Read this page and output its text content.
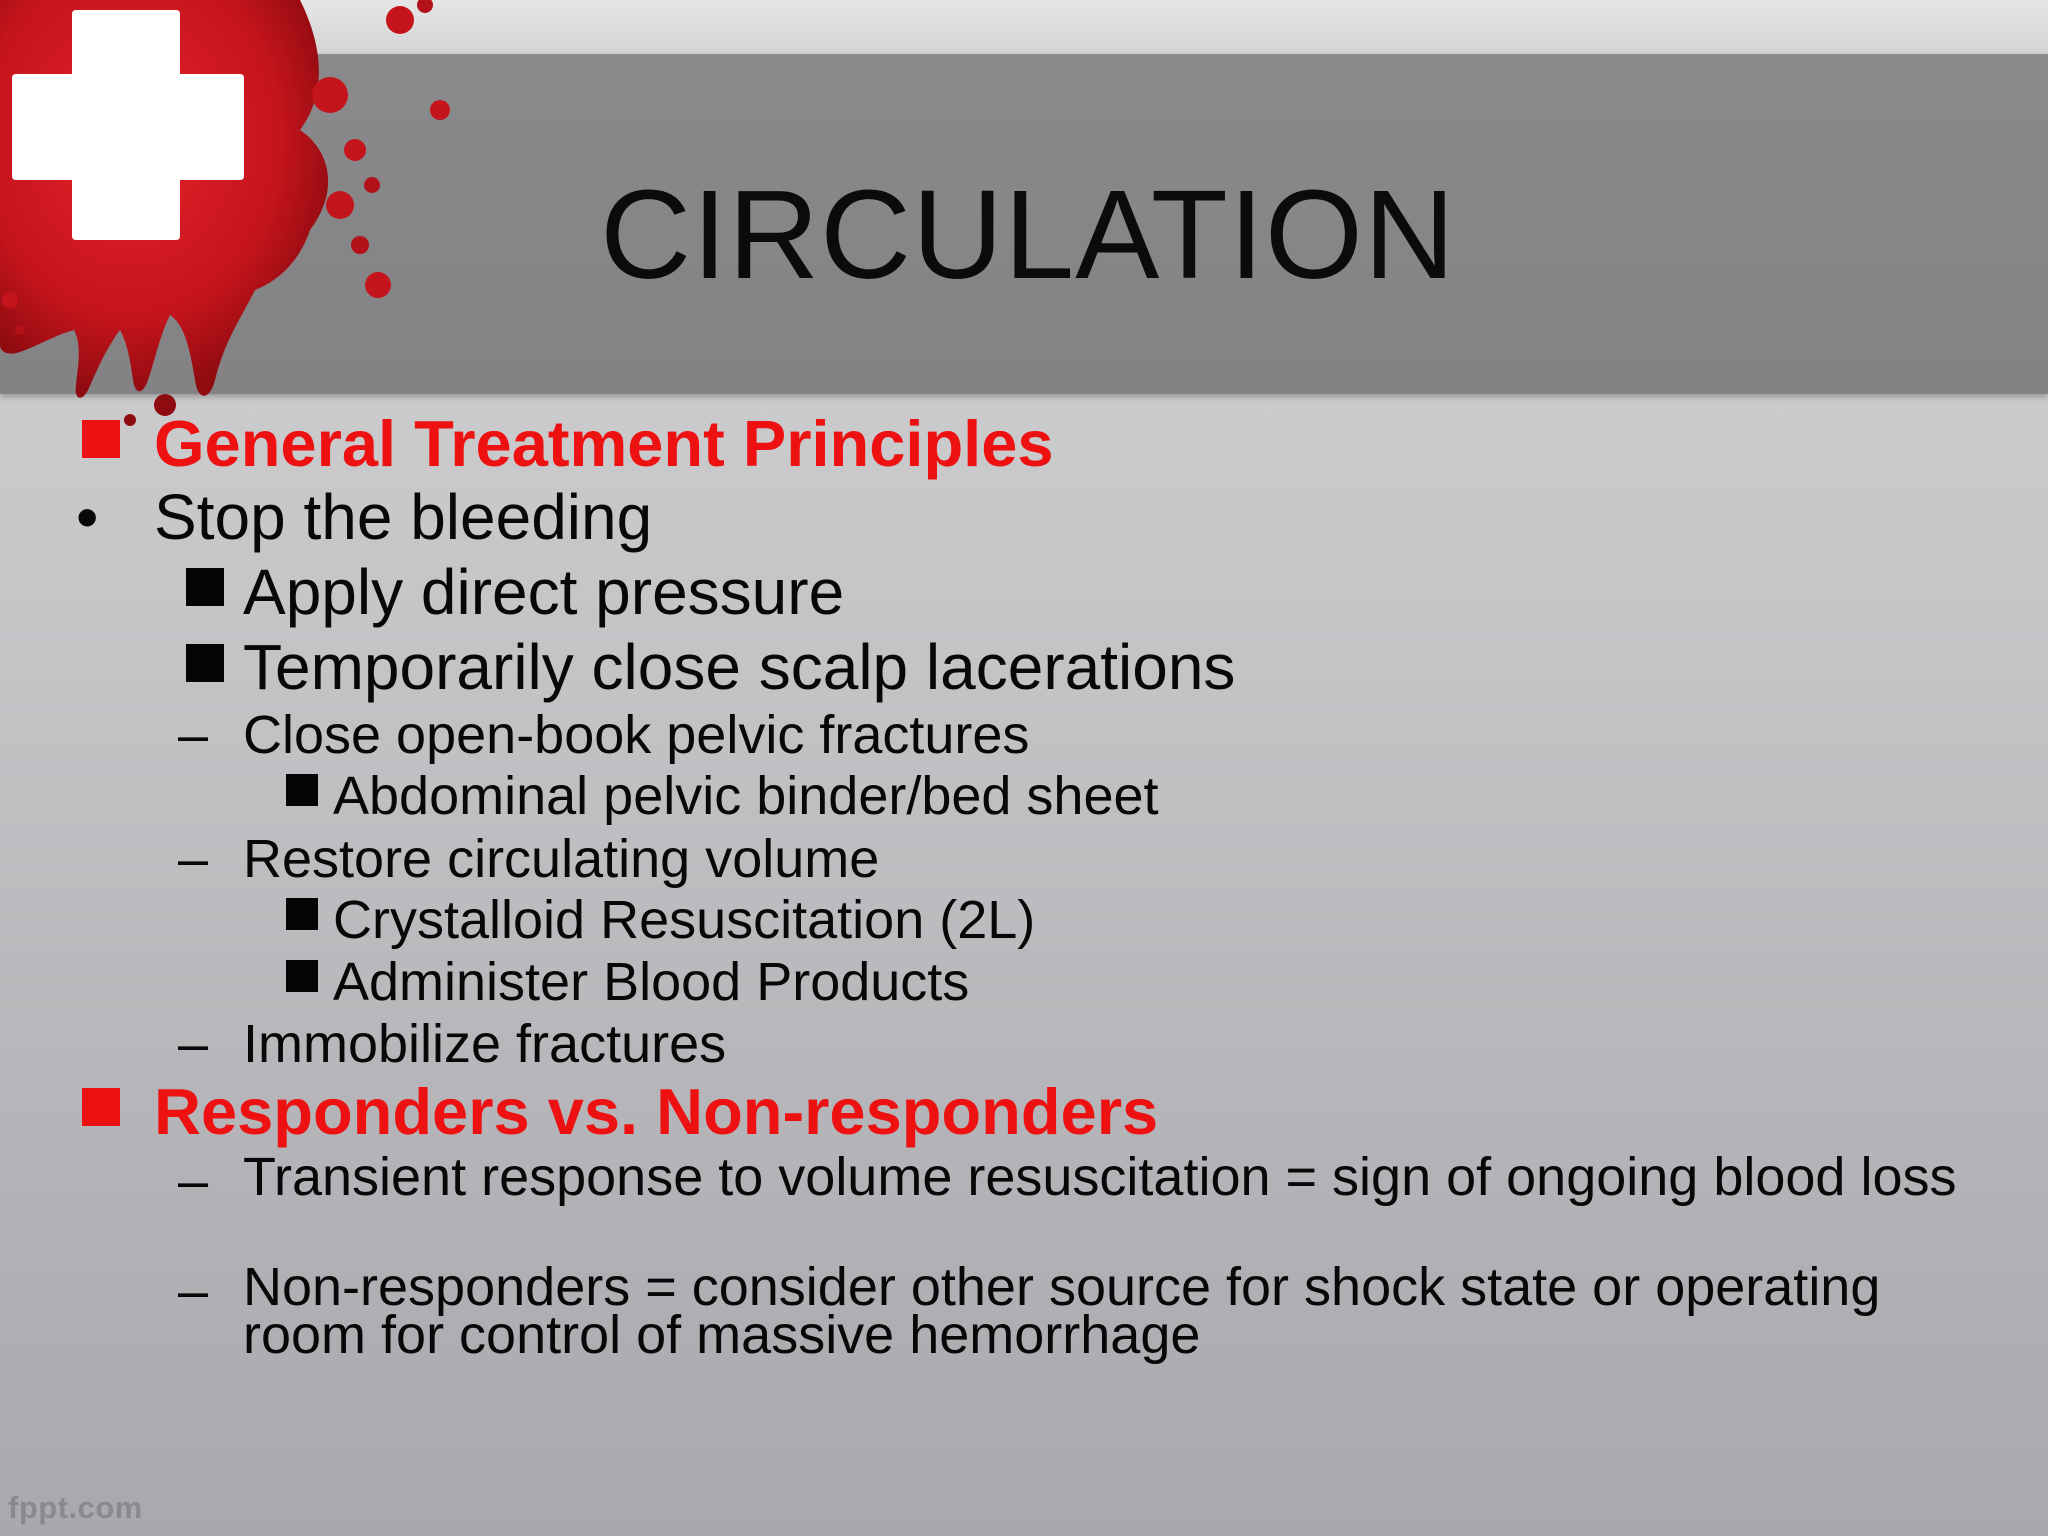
CIRCULATION
General Treatment Principles
• Stop the bleeding
Apply direct pressure
Temporarily close scalp lacerations
– Close open-book pelvic fractures
Abdominal pelvic binder/bed sheet
– Restore circulating volume
Crystalloid Resuscitation (2L)
Administer Blood Products
– Immobilize fractures
Responders vs. Non-responders
– Transient response to volume resuscitation = sign of ongoing blood loss
– Non-responders = consider other source for shock state or operating room for control of massive hemorrhage
fppt.com
